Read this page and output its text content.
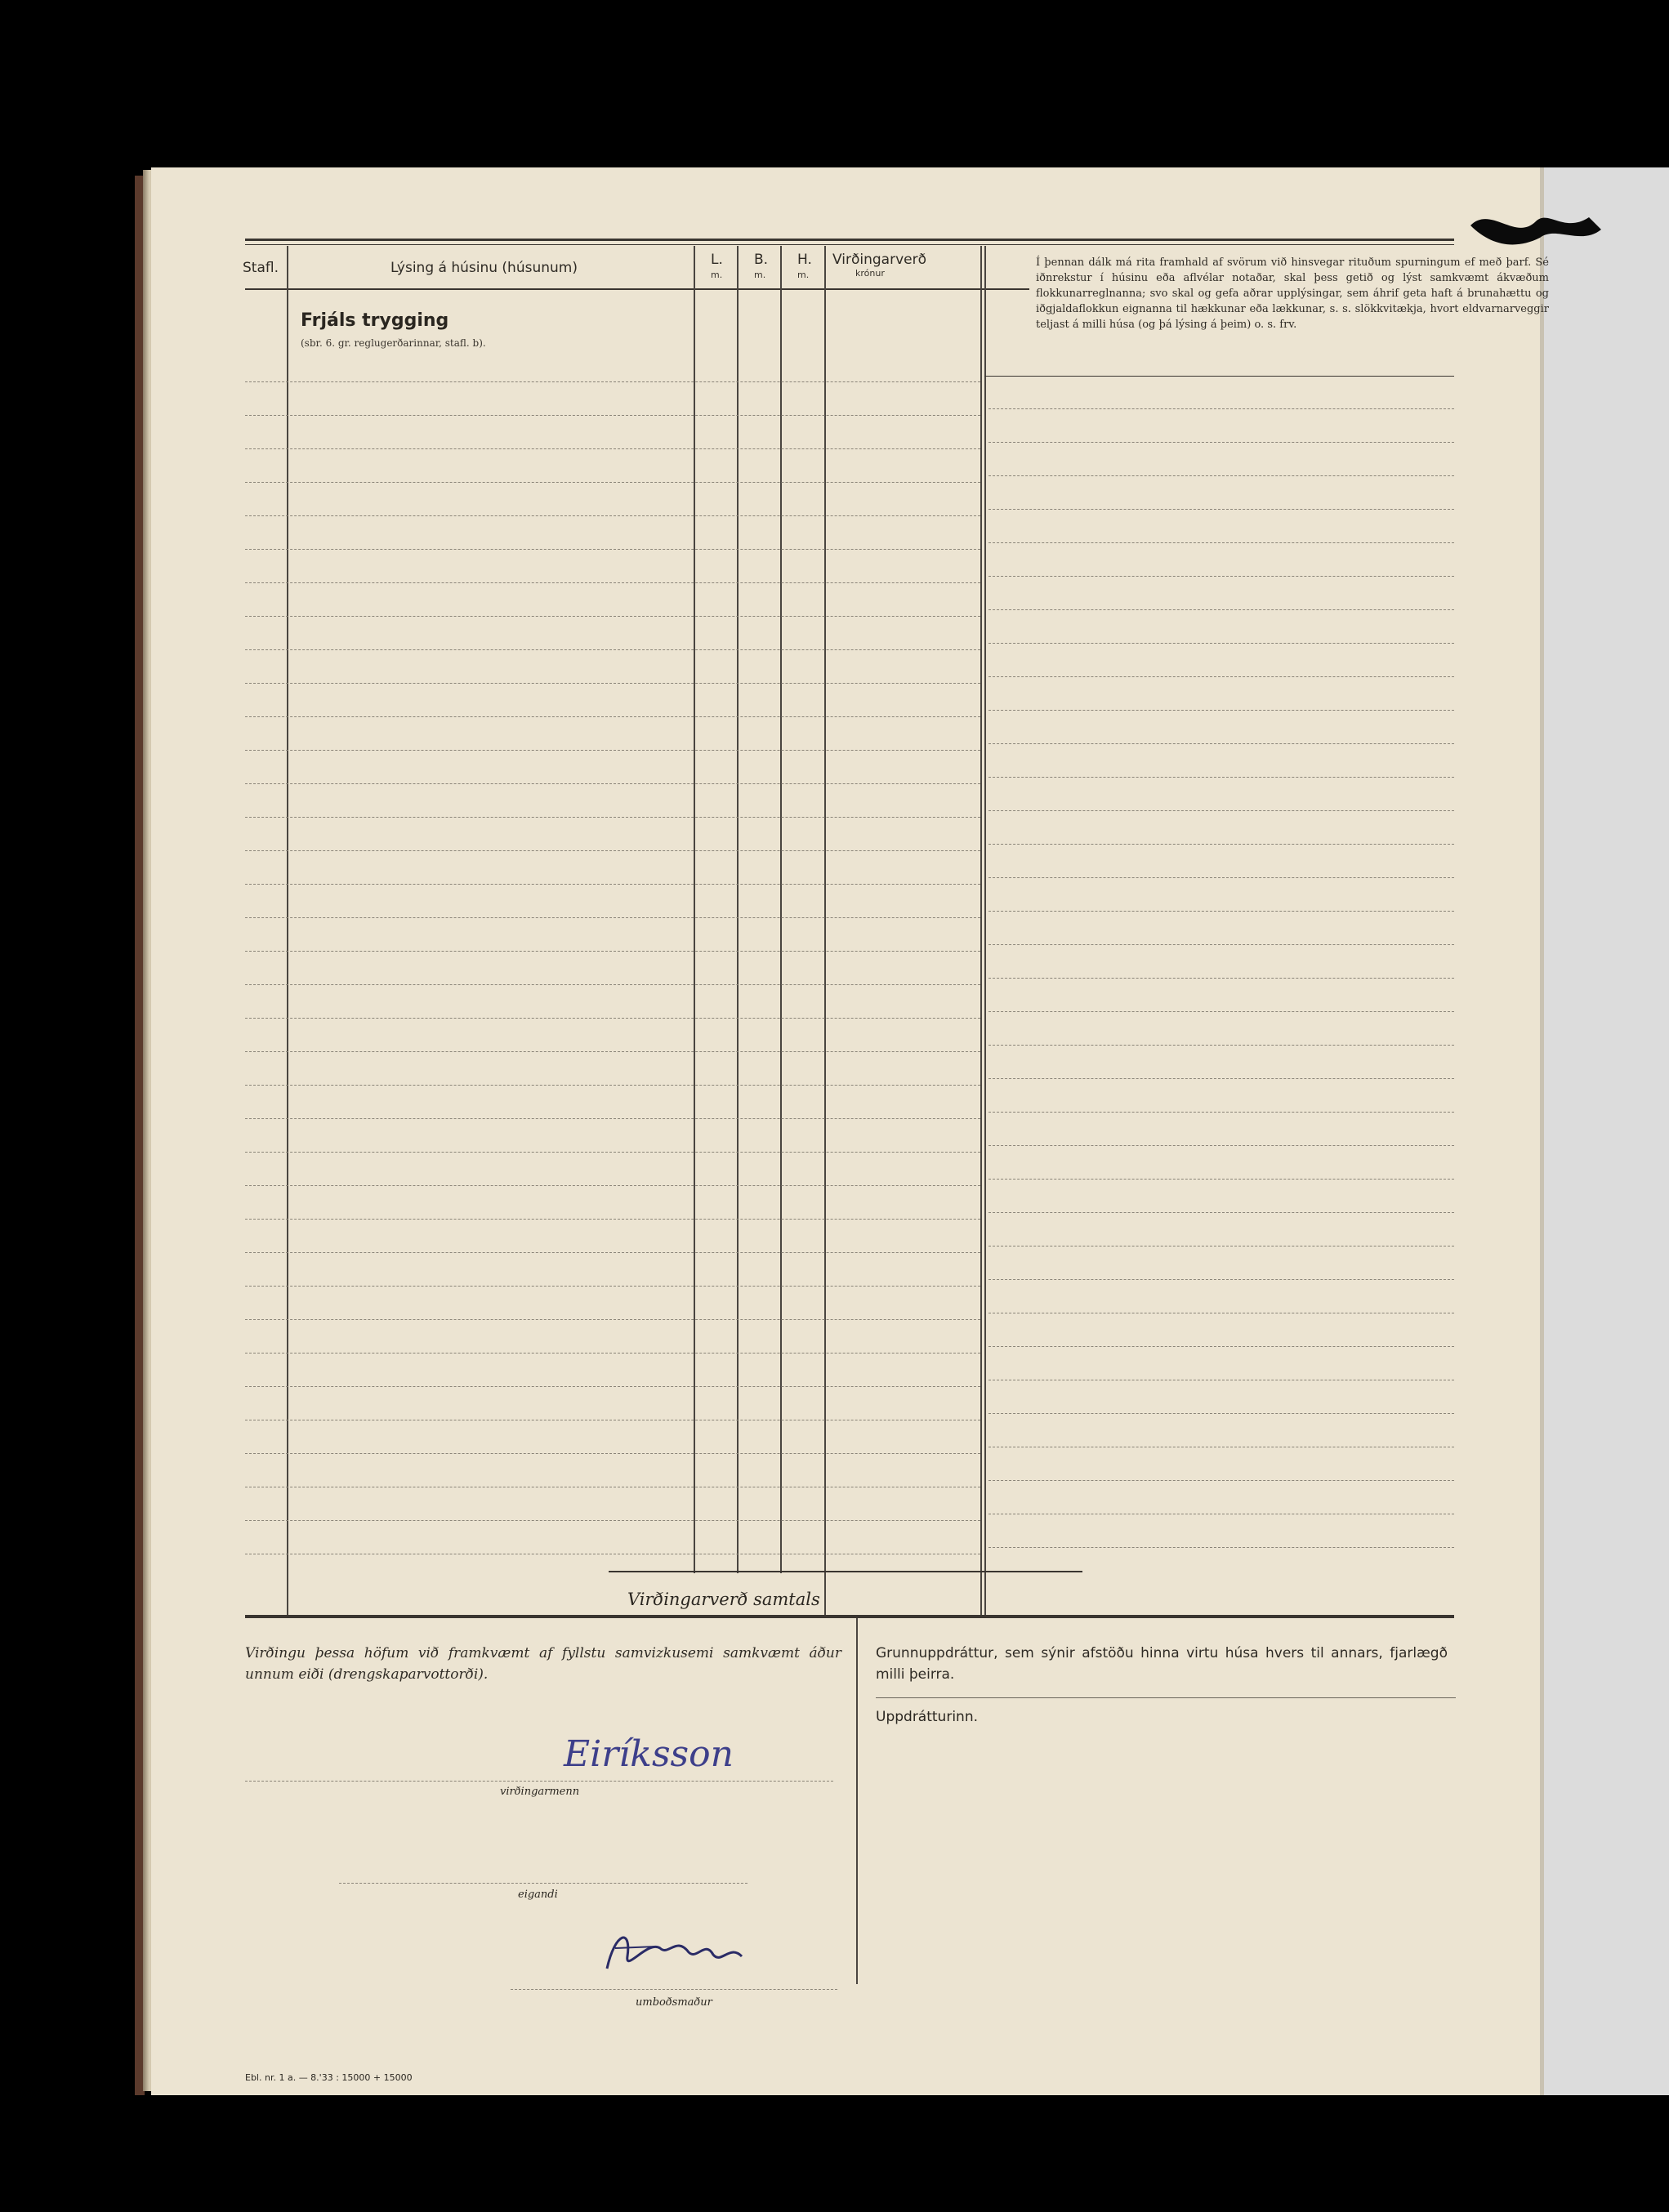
Stafl.	Lýsing á húsinu (húsunum)	L.
m.
B.
m.
H.
m.
Virðingarverð
krónur
Frjáls trygging
(sbr. 6. gr. reglugerðarinnar, stafl. b).
Í þennan dálk má rita framhald af svörum við hinsvegar rituðum spurningum ef með þarf. Sé iðnrekstur í húsinu eða aflvélar notaðar, skal þess getið og lýst samkvæmt ákvæðum flokkunarreglnanna; svo skal og gefa aðrar upplýsingar, sem áhrif geta haft á brunahættu og iðgjaldaflokkun eignanna til hækkunar eða lækkunar, s. s. slökkvitækja, hvort eldvarnarveggir teljast á milli húsa (og þá lýsing á þeim) o. s. frv.
Virðingarverð samtals
Virðingu þessa höfum við framkvæmt af fyllstu samvizkusemi samkvæmt áður unnum eiði (drengskaparvottorði).
Eiríksson
virðingarmenn
eigandi
umboðsmaður
Grunnuppdráttur, sem sýnir afstöðu hinna virtu húsa hvers til annars, fjarlægð milli þeirra.
Uppdrátturinn.
Ebl. nr. 1 a. — 8.'33 : 15000 + 15000
